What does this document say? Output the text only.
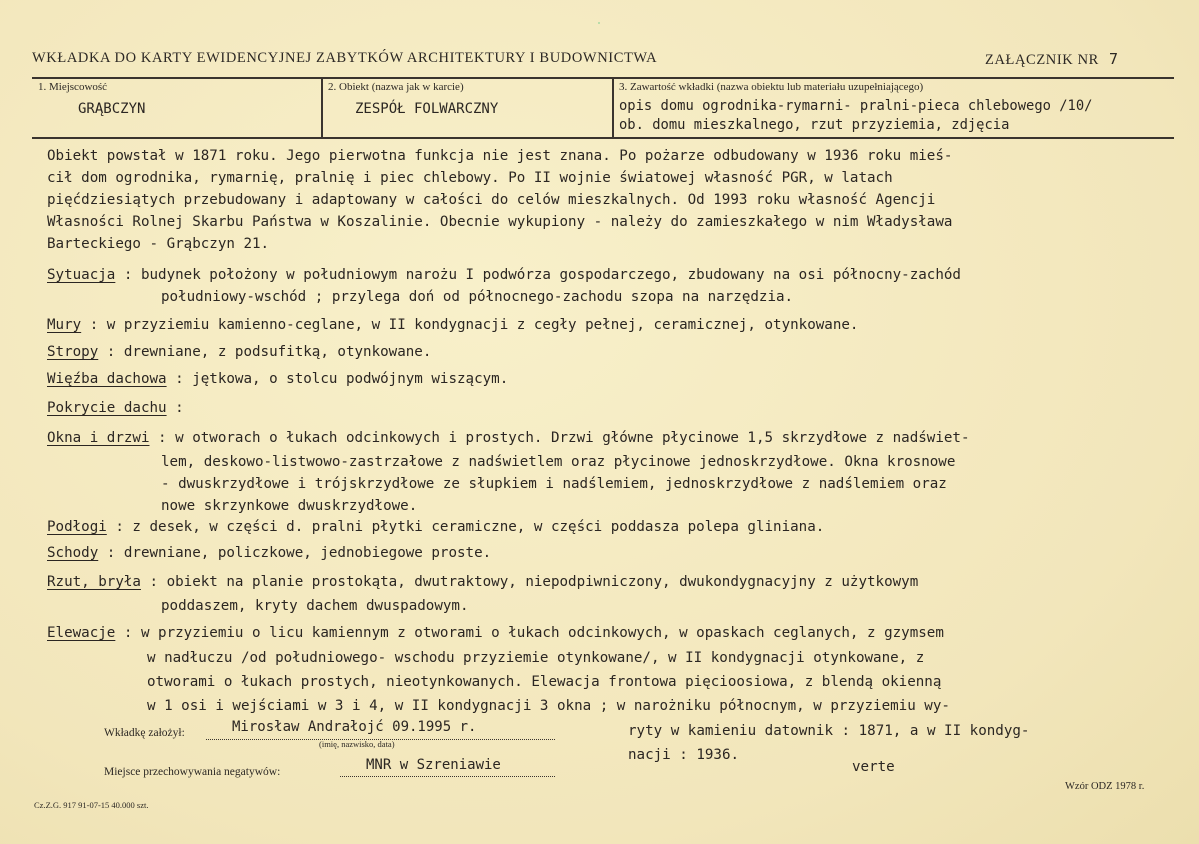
WKŁADKA DO KARTY EWIDENCYJNEJ ZABYTKÓW ARCHITEKTURY I BUDOWNICTWA	ZAŁĄCZNIK NR 7
1. Miejscowość
GRĄBCZYN
2. Obiekt (nazwa jak w karcie)
ZESPÓŁ FOLWARCZNY
3. Zawartość wkładki (nazwa obiektu lub materiału uzupełniającego)
opis domu ogrodnika-rymarni- pralni-pieca chlebowego /10/
ob. domu mieszkalnego, rzut przyziemia, zdjęcia
Obiekt powstał w 1871 roku. Jego pierwotna funkcja nie jest znana. Po pożarze odbudowany w 1936 roku mieś-
cił dom ogrodnika, rymarnię, pralnię i piec chlebowy. Po II wojnie światowej własność PGR, w latach
pięćdziesiątych przebudowany i adaptowany w całości do celów mieszkalnych. Od 1993 roku własność Agencji
Własności Rolnej Skarbu Państwa w Koszalinie. Obecnie wykupiony - należy do zamieszkałego w nim Władysława
Barteckiego - Grąbczyn 21.
Sytuacja : budynek położony w południowym narożu I podwórza gospodarczego, zbudowany na osi północny-zachód
południowy-wschód ; przylega doń od północnego-zachodu szopa na narzędzia.
Mury : w przyziemiu kamienno-ceglane, w II kondygnacji z cegły pełnej, ceramicznej, otynkowane.
Stropy : drewniane, z podsufitką, otynkowane.
Więźba dachowa : jętkowa, o stolcu podwójnym wiszącym.
Pokrycie dachu :
Okna i drzwi : w otworach o łukach odcinkowych i prostych. Drzwi główne płycinowe 1,5 skrzydłowe z nadświet-
lem, deskowo-listwowo-zastrzałowe z nadświetlem oraz płycinowe jednoskrzydłowe. Okna krosnowe
- dwuskrzydłowe i trójskrzydłowe ze słupkiem i nadślemiem, jednoskrzydłowe z nadślemiem oraz
nowe skrzynkowe dwuskrzydłowe.
Podłogi : z desek, w części d. pralni płytki ceramiczne, w części poddasza polepa gliniana.
Schody : drewniane, policzkowe, jednobiegowe proste.
Rzut, bryła : obiekt na planie prostokąta, dwutraktowy, niepodpiwniczony, dwukondygnacyjny z użytkowym
poddaszem, kryty dachem dwuspadowym.
Elewacje : w przyziemiu o licu kamiennym z otworami o łukach odcinkowych, w opaskach ceglanych, z gzymsem
w nadłuczu /od południowego- wschodu przyziemie otynkowane/, w II kondygnacji otynkowane, z
otworami o łukach prostych, nieotynkowanych. Elewacja frontowa pięcioosiowa, z blendą okienną
w 1 osi i wejściami w 3 i 4, w II kondygnacji 3 okna ; w narożniku północnym, w przyziemiu wy-
ryty w kamieniu datownik : 1871, a w II kondyg-
nacji : 1936.
Wkładkę założył:	Mirosław Andrałojć 09.1995 r.
(imię, nazwisko, data)
Miejsce przechowywania negatywów:	MNR w Szreniawie	verte
Cz.Z.G. 917 91-07-15 40.000 szt.
Wzór ODZ 1978 r.
